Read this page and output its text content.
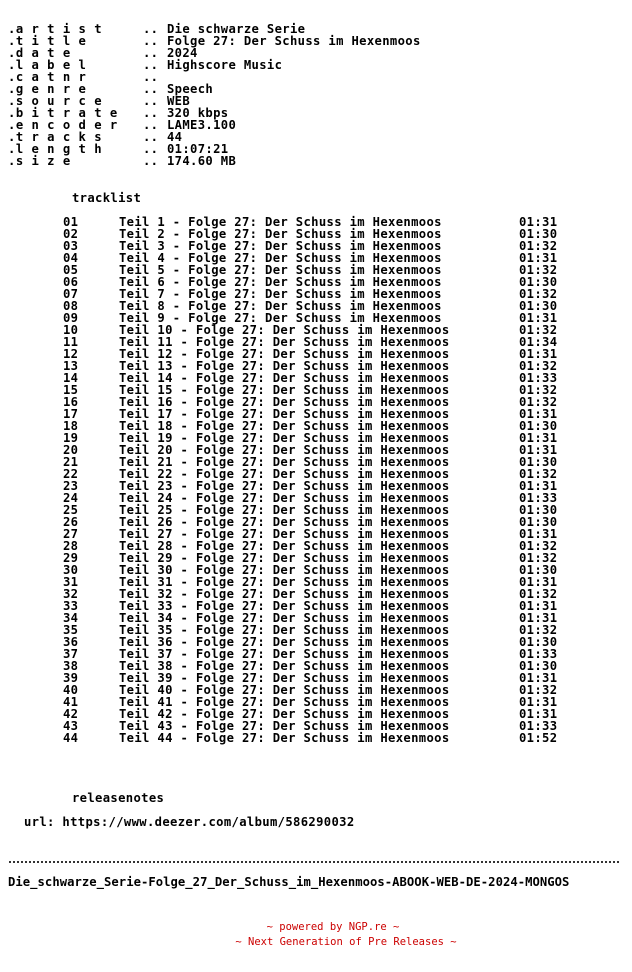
.a r t i s t	.. Die schwarze Serie
.t i t l e	.. Folge 27: Der Schuss im Hexenmoos
.d a t e	.. 2024
.l a b e l	.. Highscore Music
.c a t n r	..
.g e n r e	.. Speech
.s o u r c e	.. WEB
.b i t r a t e .. 320 kbps
.e n c o d e r .. LAME3.100
.t r a c k s	.. 44
.l e n g t h	.. 01:07:21
.s i z e	.. 174.60 MB
tracklist
01	Teil 1 - Folge 27: Der Schuss im Hexenmoos	01:31
02	Teil 2 - Folge 27: Der Schuss im Hexenmoos	01:30
03	Teil 3 - Folge 27: Der Schuss im Hexenmoos	01:32
04	Teil 4 - Folge 27: Der Schuss im Hexenmoos	01:31
05	Teil 5 - Folge 27: Der Schuss im Hexenmoos	01:32
06	Teil 6 - Folge 27: Der Schuss im Hexenmoos	01:30
07	Teil 7 - Folge 27: Der Schuss im Hexenmoos	01:32
08	Teil 8 - Folge 27: Der Schuss im Hexenmoos	01:30
09	Teil 9 - Folge 27: Der Schuss im Hexenmoos	01:31
10	Teil 10 - Folge 27: Der Schuss im Hexenmoos	01:32
11	Teil 11 - Folge 27: Der Schuss im Hexenmoos	01:34
12	Teil 12 - Folge 27: Der Schuss im Hexenmoos	01:31
13	Teil 13 - Folge 27: Der Schuss im Hexenmoos	01:32
14	Teil 14 - Folge 27: Der Schuss im Hexenmoos	01:33
15	Teil 15 - Folge 27: Der Schuss im Hexenmoos	01:32
16	Teil 16 - Folge 27: Der Schuss im Hexenmoos	01:32
17	Teil 17 - Folge 27: Der Schuss im Hexenmoos	01:31
18	Teil 18 - Folge 27: Der Schuss im Hexenmoos	01:30
19	Teil 19 - Folge 27: Der Schuss im Hexenmoos	01:31
20	Teil 20 - Folge 27: Der Schuss im Hexenmoos	01:31
21	Teil 21 - Folge 27: Der Schuss im Hexenmoos	01:30
22	Teil 22 - Folge 27: Der Schuss im Hexenmoos	01:32
23	Teil 23 - Folge 27: Der Schuss im Hexenmoos	01:31
24	Teil 24 - Folge 27: Der Schuss im Hexenmoos	01:33
25	Teil 25 - Folge 27: Der Schuss im Hexenmoos	01:30
26	Teil 26 - Folge 27: Der Schuss im Hexenmoos	01:30
27	Teil 27 - Folge 27: Der Schuss im Hexenmoos	01:31
28	Teil 28 - Folge 27: Der Schuss im Hexenmoos	01:32
29	Teil 29 - Folge 27: Der Schuss im Hexenmoos	01:32
30	Teil 30 - Folge 27: Der Schuss im Hexenmoos	01:30
31	Teil 31 - Folge 27: Der Schuss im Hexenmoos	01:31
32	Teil 32 - Folge 27: Der Schuss im Hexenmoos	01:32
33	Teil 33 - Folge 27: Der Schuss im Hexenmoos	01:31
34	Teil 34 - Folge 27: Der Schuss im Hexenmoos	01:31
35	Teil 35 - Folge 27: Der Schuss im Hexenmoos	01:32
36	Teil 36 - Folge 27: Der Schuss im Hexenmoos	01:30
37	Teil 37 - Folge 27: Der Schuss im Hexenmoos	01:33
38	Teil 38 - Folge 27: Der Schuss im Hexenmoos	01:30
39	Teil 39 - Folge 27: Der Schuss im Hexenmoos	01:31
40	Teil 40 - Folge 27: Der Schuss im Hexenmoos	01:32
41	Teil 41 - Folge 27: Der Schuss im Hexenmoos	01:31
42	Teil 42 - Folge 27: Der Schuss im Hexenmoos	01:31
43	Teil 43 - Folge 27: Der Schuss im Hexenmoos	01:33
44	Teil 44 - Folge 27: Der Schuss im Hexenmoos	01:52
releasenotes
url: https://www.deezer.com/album/586290032
Die_schwarze_Serie-Folge_27_Der_Schuss_im_Hexenmoos-ABOOK-WEB-DE-2024-MONGOS
~ powered by NGP.re ~
~ Next Generation of Pre Releases ~
